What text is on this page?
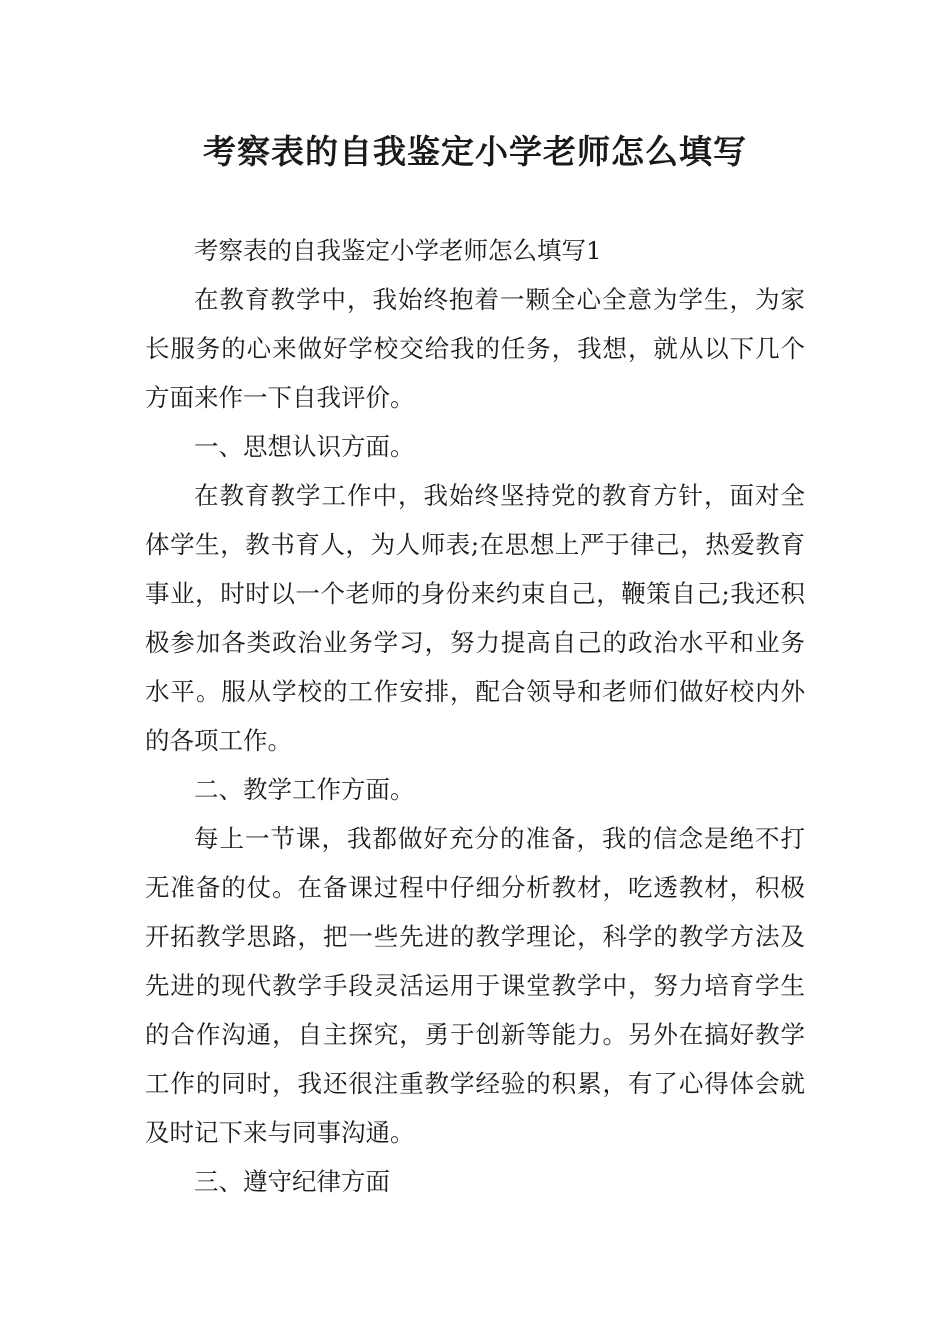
考察表的自我鉴定小学老师怎么填写

考察表的自我鉴定小学老师怎么填写1

在教育教学中，我始终抱着一颗全心全意为学生，为家长服务的心来做好学校交给我的任务，我想，就从以下几个方面来作一下自我评价。

一、思想认识方面。

在教育教学工作中，我始终坚持党的教育方针，面对全体学生，教书育人，为人师表;在思想上严于律己，热爱教育事业，时时以一个老师的身份来约束自己，鞭策自己;我还积极参加各类政治业务学习，努力提高自己的政治水平和业务水平。服从学校的工作安排，配合领导和老师们做好校内外的各项工作。

二、教学工作方面。

每上一节课，我都做好充分的准备，我的信念是绝不打无准备的仗。在备课过程中仔细分析教材，吃透教材，积极开拓教学思路，把一些先进的教学理论，科学的教学方法及先进的现代教学手段灵活运用于课堂教学中，努力培育学生的合作沟通，自主探究，勇于创新等能力。另外在搞好教学工作的同时，我还很注重教学经验的积累，有了心得体会就及时记下来与同事沟通。

三、遵守纪律方面
